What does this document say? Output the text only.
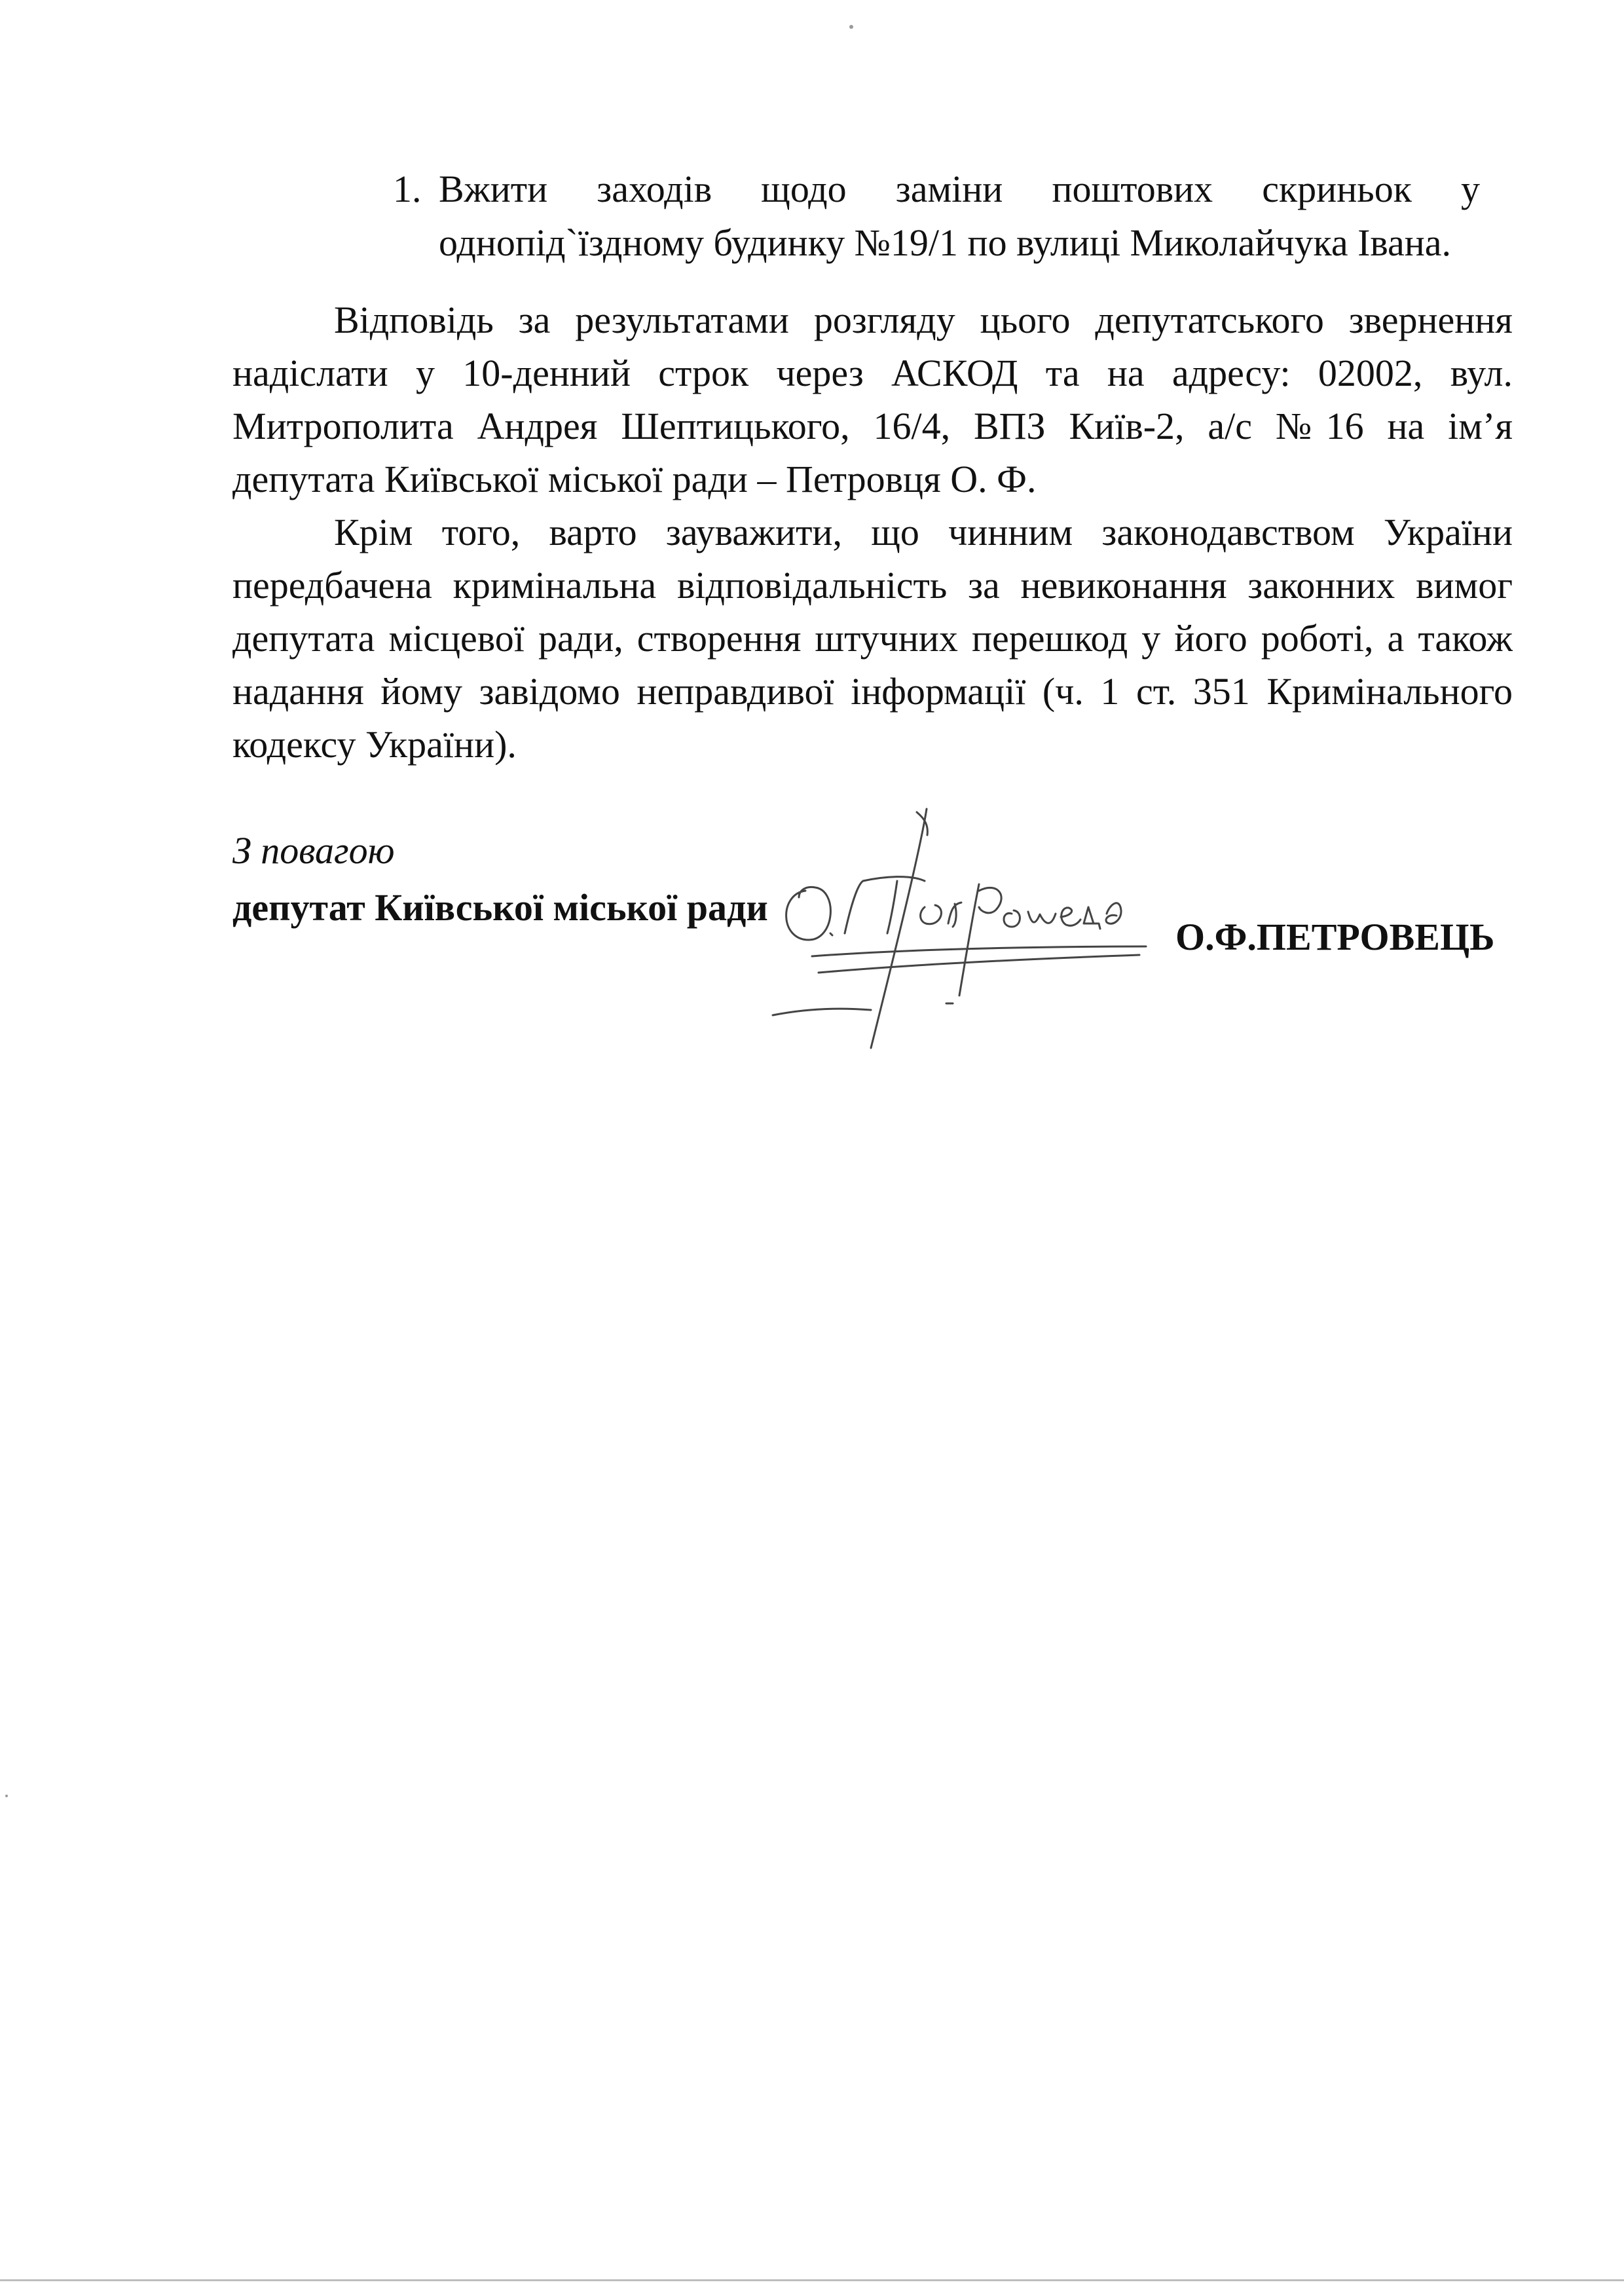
1. Вжити заходів щодо заміни поштових скриньок у
однопід`їздному будинку №19/1 по вулиці Миколайчука Івана.

Відповідь за результатами розгляду цього депутатського звернення надіслати у 10-денний строк через АСКОД та на адресу: 02002, вул. Митрополита Андрея Шептицького, 16/4, ВПЗ Київ-2, а/с №16 на ім’я депутата Київської міської ради – Петровця О. Ф.

Крім того, варто зауважити, що чинним законодавством України передбачена кримінальна відповідальність за невиконання законних вимог депутата місцевої ради, створення штучних перешкод у його роботі, а також надання йому завідомо неправдивої інформації (ч. 1 ст. 351 Кримінального кодексу України).

З повагою
депутат Київської міської ради
О.Ф.ПЕТРОВЕЦЬ
